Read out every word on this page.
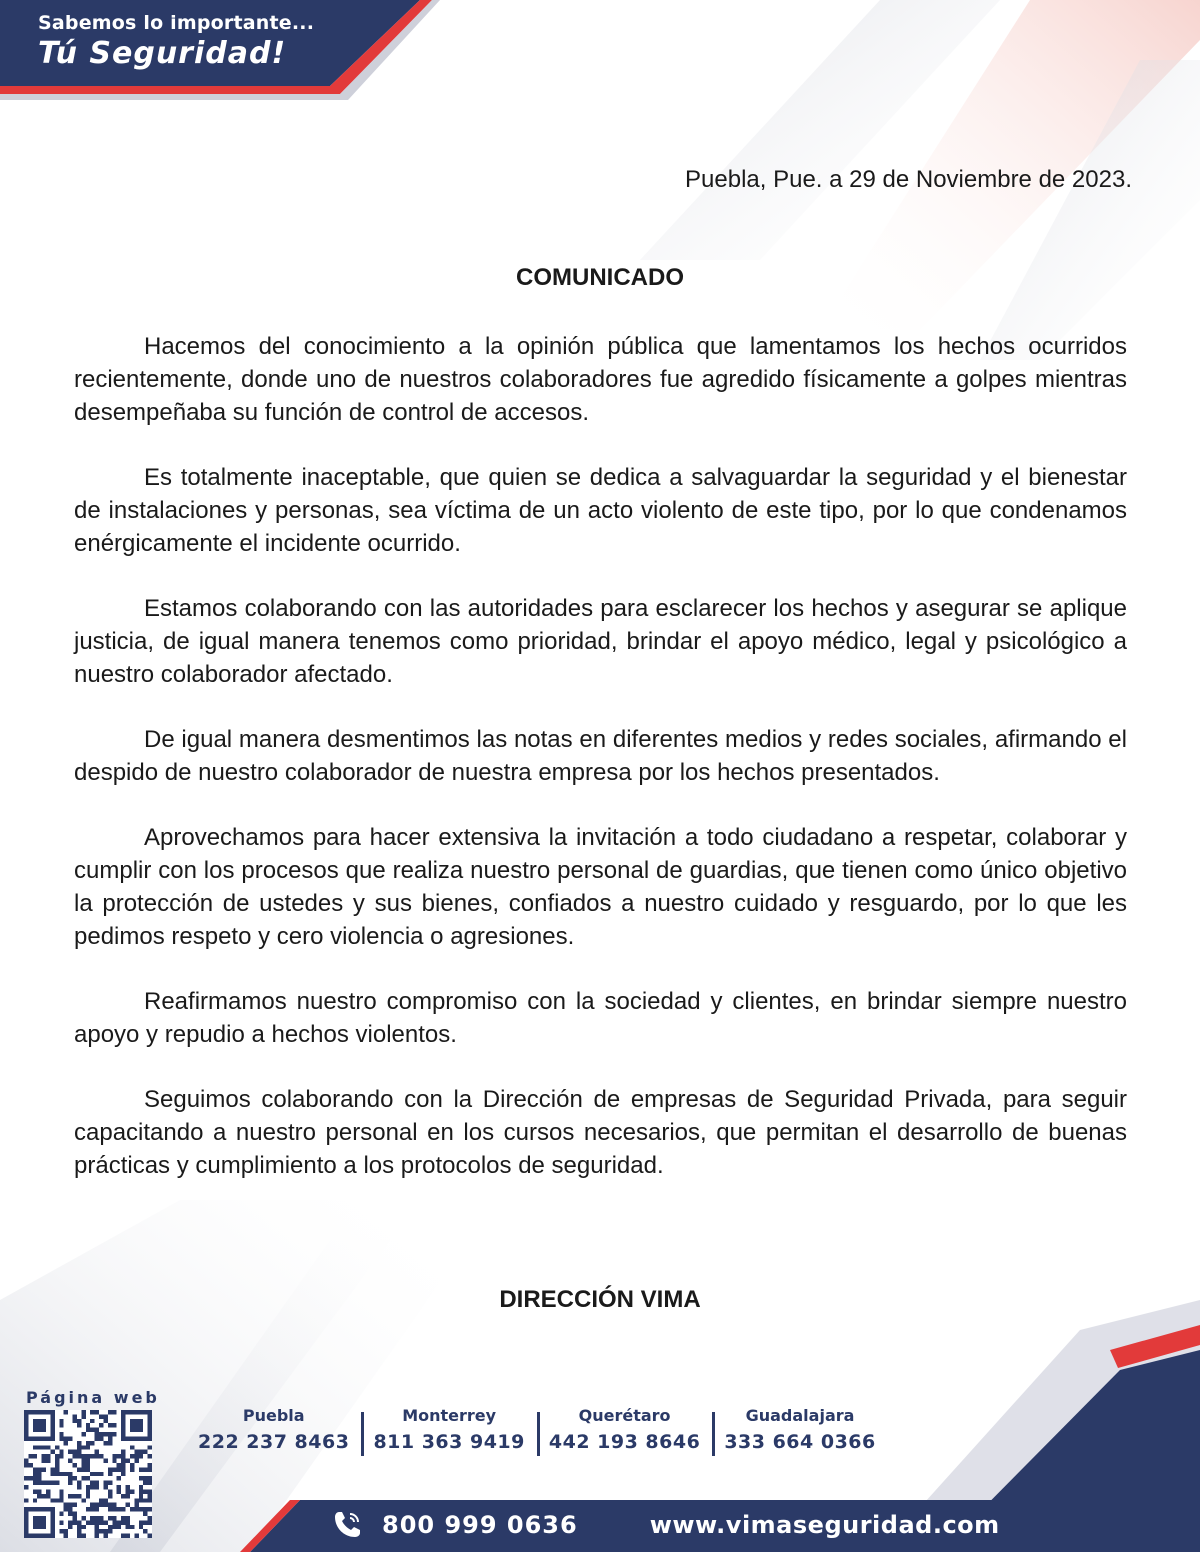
Sabemos lo importante...
Tú Seguridad!
Puebla, Pue. a 29 de Noviembre de 2023.
COMUNICADO

Hacemos del conocimiento a la opinión pública que lamentamos los hechos ocurridos recientemente, donde uno de nuestros colaboradores fue agredido físicamente a golpes mientras desempeñaba su función de control de accesos.

Es totalmente inaceptable, que quien se dedica a salvaguardar la seguridad y el bienestar de instalaciones y personas, sea víctima de un acto violento de este tipo, por lo que condenamos enérgicamente el incidente ocurrido.

Estamos colaborando con las autoridades para esclarecer los hechos y asegurar se aplique justicia, de igual manera tenemos como prioridad, brindar el apoyo médico, legal y psicológico a nuestro colaborador afectado.

De igual manera desmentimos las notas en diferentes medios y redes sociales, afirmando el despido de nuestro colaborador de nuestra empresa por los hechos presentados.

Aprovechamos para hacer extensiva la invitación a todo ciudadano a respetar, colaborar y cumplir con los procesos que realiza nuestro personal de guardias, que tienen como único objetivo la protección de ustedes y sus bienes, confiados a nuestro cuidado y resguardo, por lo que les pedimos respeto y cero violencia o agresiones.

Reafirmamos nuestro compromiso con la sociedad y clientes, en brindar siempre nuestro apoyo y repudio a hechos violentos.

Seguimos colaborando con la Dirección de empresas de Seguridad Privada, para seguir capacitando a nuestro personal en los cursos necesarios, que permitan el desarrollo de buenas prácticas y cumplimiento a los protocolos de seguridad.

DIRECCIÓN VIMA
Página web
Puebla
222 237 8463
Monterrey
811 363 9419
Querétaro
442 193 8646
Guadalajara
333 664 0366
800 999 0636	www.vimaseguridad.com
